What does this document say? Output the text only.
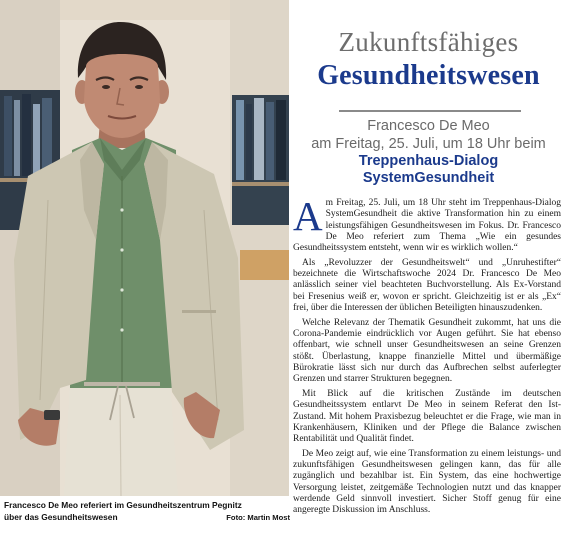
Francesco De Meo referiert im Gesundheitszentrum Pegnitz
über das Gesundheitswesen	Foto: Martin Most
Zukunftsfähiges
Gesundheitswesen
Francesco De Meo
am Freitag, 25. Juli, um 18 Uhr beim
Treppenhaus-Dialog
SystemGesundheit

Am Freitag, 25. Juli, um 18 Uhr steht im Treppenhaus-Dialog SystemGesundheit die aktive Transformation hin zu einem leistungsfähigen Gesundheitswesen im Fokus. Dr. Francesco De Meo referiert zum Thema „Wie ein gesundes Gesundheitssystem entsteht, wenn wir es wirklich wollen.“

Als „Revoluzzer der Gesundheitswelt“ und „Unruhestifter“ bezeichnete die Wirtschaftswoche 2024 Dr. Francesco De Meo anlässlich seiner viel beachteten Buchvorstellung. Als Ex-Vorstand bei Fresenius weiß er, wovon er spricht. Gleichzeitig ist er als „Ex“ frei, über die Interessen der üblichen Beteiligten hinauszudenken.

Welche Relevanz der Thematik Gesundheit zukommt, hat uns die Corona-Pandemie eindrücklich vor Augen geführt. Sie hat ebenso offenbart, wie schnell unser Gesundheitswesen an seine Grenzen stößt. Überlastung, knappe finanzielle Mittel und übermäßige Bürokratie lässt sich nur durch das Aufbrechen selbst auferlegter Grenzen und starrer Strukturen begegnen.

Mit Blick auf die kritischen Zustände im deutschen Gesundheitssystem entlarvt De Meo in seinem Referat den Ist-Zustand. Mit hohem Praxisbezug beleuchtet er die Frage, wie man in Krankenhäusern, Kliniken und der Pflege die Balance zwischen Rentabilität und Qualität findet.

De Meo zeigt auf, wie eine Transformation zu einem leistungs- und zukunftsfähigen Gesundheitswesen gelingen kann, das für alle zugänglich und bezahlbar ist. Ein System, das eine hochwertige Versorgung leistet, zeitgemäße Technologien nutzt und das knapper werdende Geld sinnvoll investiert. Sicher Stoff genug für eine angeregte Diskussion im Anschluss.
